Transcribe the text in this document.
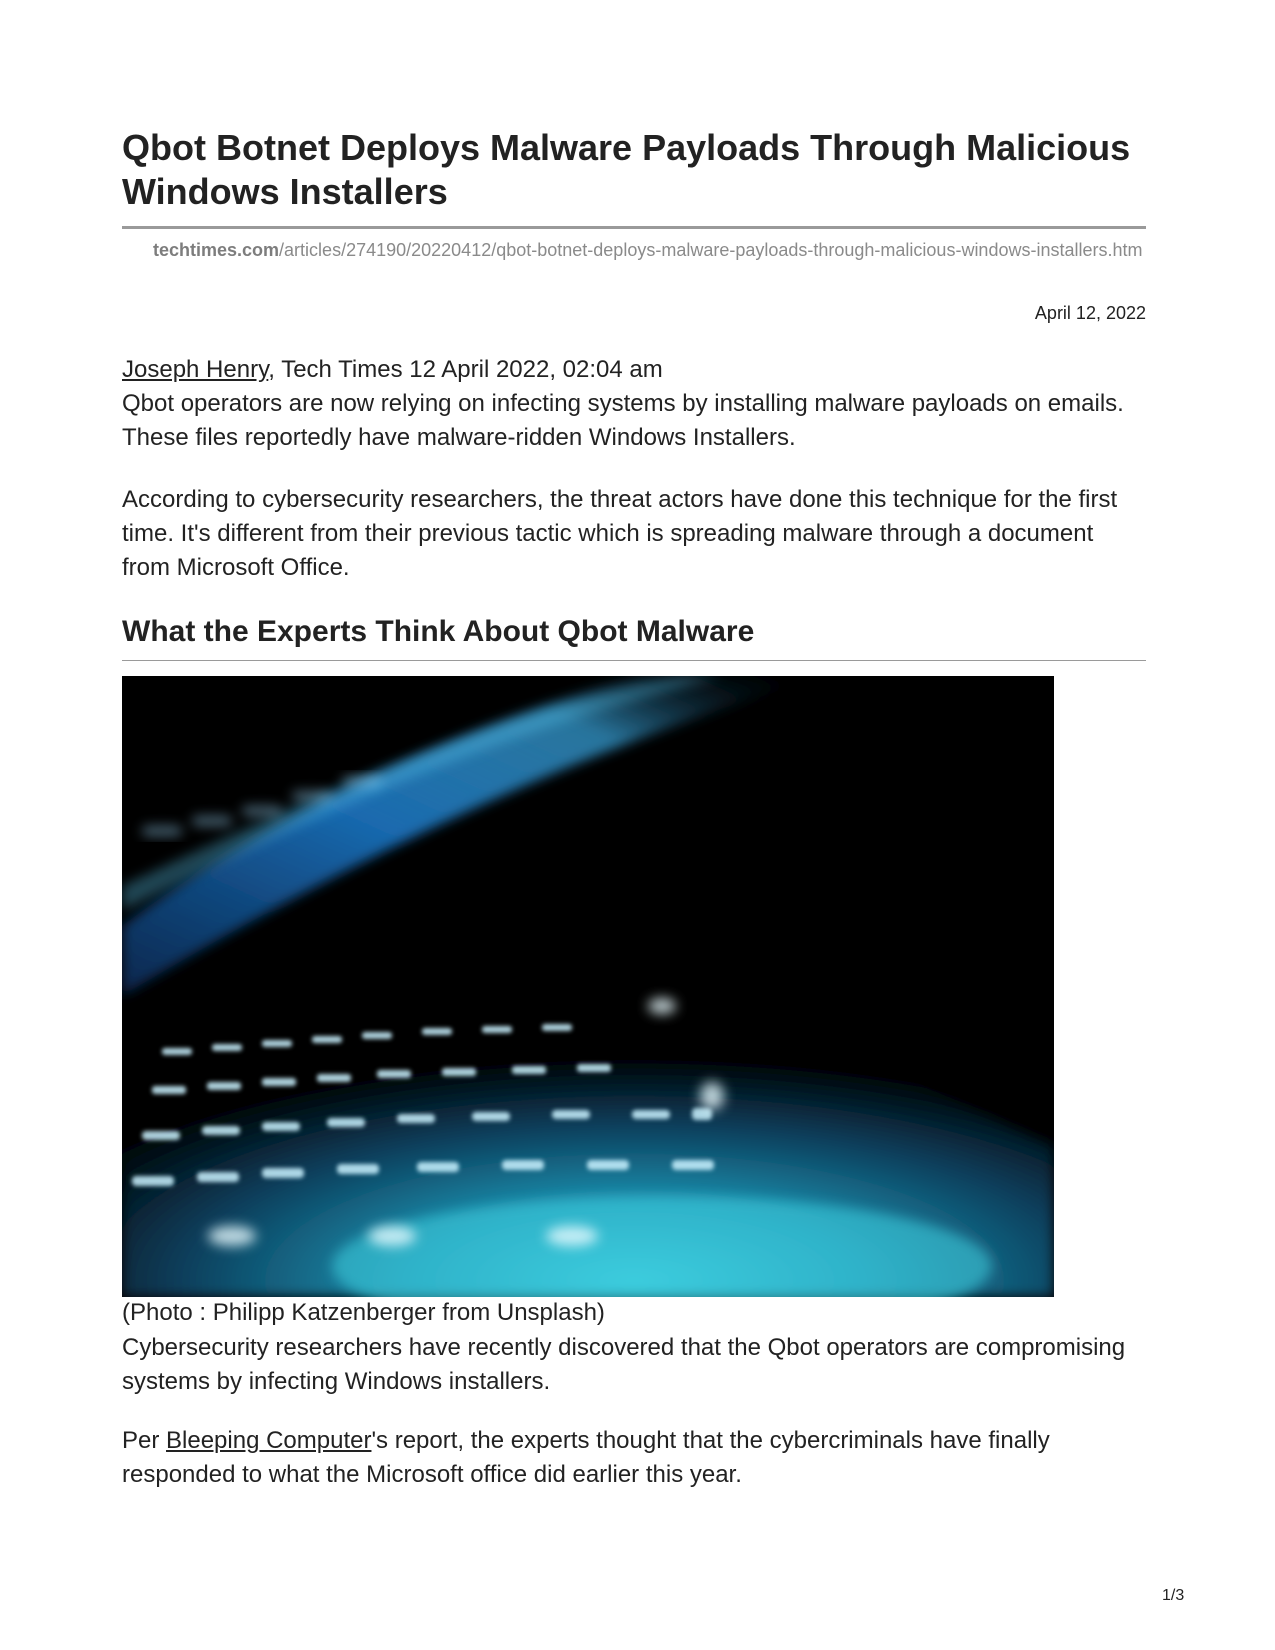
Qbot Botnet Deploys Malware Payloads Through Malicious Windows Installers

techtimes.com/articles/274190/20220412/qbot-botnet-deploys-malware-payloads-through-malicious-windows-installers.htm

April 12, 2022

Joseph Henry, Tech Times 12 April 2022, 02:04 am

Qbot operators are now relying on infecting systems by installing malware payloads on emails. These files reportedly have malware-ridden Windows Installers.

According to cybersecurity researchers, the threat actors have done this technique for the first time. It's different from their previous tactic which is spreading malware through a document from Microsoft Office.

What the Experts Think About Qbot Malware

(Photo : Philipp Katzenberger from Unsplash)

Cybersecurity researchers have recently discovered that the Qbot operators are compromising systems by infecting Windows installers.

Per Bleeping Computer's report, the experts thought that the cybercriminals have finally responded to what the Microsoft office did earlier this year.

1/3
